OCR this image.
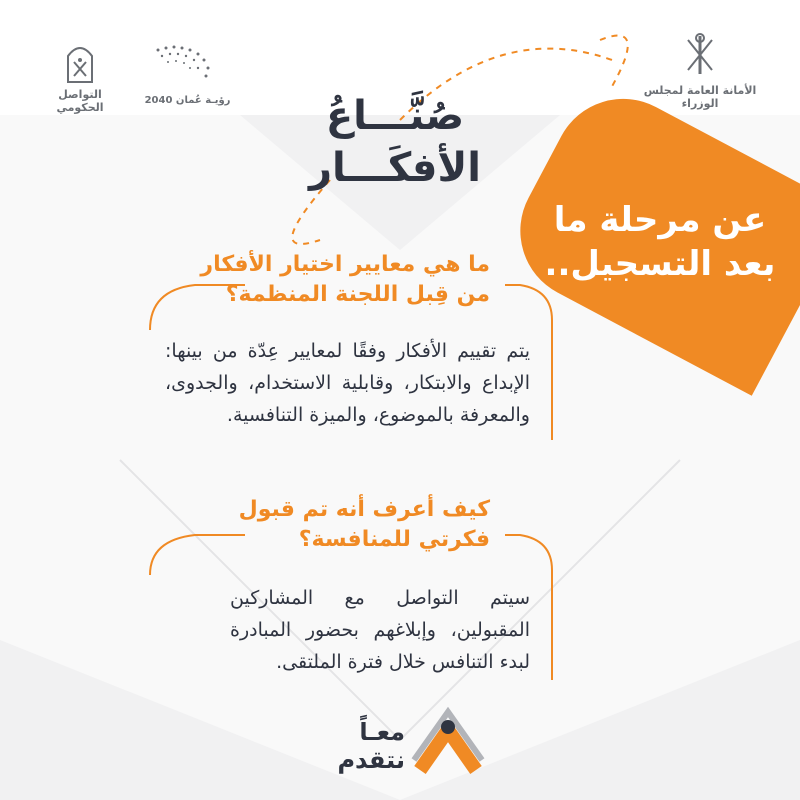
التواصل الحكومي
رؤيـة عُمان 2040
الأمانة العامة لمجلس الوزراء
صُنَّـــاعُ
الأفكَـــار
عن مرحلة ما
بعد التسجيل..
ما هي معايير اختيار الأفكار
من قِبل اللجنة المنظمة؟
يتم تقييم الأفكار وفقًا لمعايير عِدّة من بينها: الإبداع والابتكار، وقابلية الاستخدام، والجدوى، والمعرفة بالموضوع، والميزة التنافسية.
كيف أعرف أنه تم قبول
فكرتي للمنافسة؟
سيتم التواصل مع المشاركين المقبولين، وإبلاغهم بحضور المبادرة لبدء التنافس خلال فترة الملتقى.
معـاً
نتقدم
